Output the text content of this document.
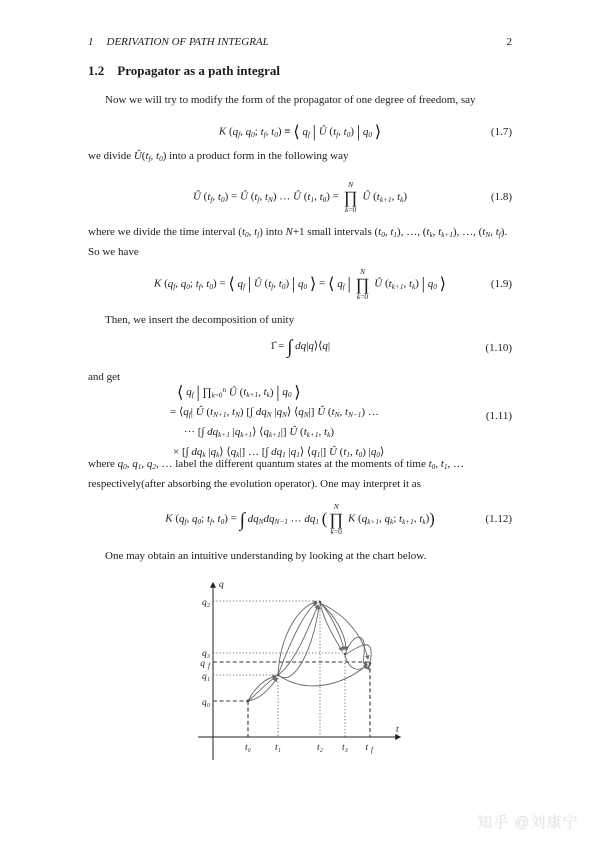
1 DERIVATION OF PATH INTEGRAL	2
1.2 Propagator as a path integral
Now we will try to modify the form of the propagator of one degree of freedom, say
K ($q_f$, $q_0$; $t_f$, $t_0$) ≡ ⟨ $q_f$ | Û ($t_f$, $t_0$) | $q_0$ ⟩	(1.7)
we divide $Û(t_f$, $t_0$) into a product form in the following way
Û ($t_f$, $t_0$) = Û ($t_f$, $t_N$) … Û ($t_1$, $t_0$) =
N
∏
k=0
Û ($t_{k+1}$, $t_k$)	(1.8)
where we divide the time interval ($t_0$, $t_f$) into N+1 small intervals ($t_0$, $t_1$), …, ($t_k$, $t_{k+1}$), …, ($t_N$, $t_f$).
So we have
K ($q_f$, $q_0$; $t_f$, $t_0$) = ⟨ $q_f$ | Û ($t_f$, $t_0$) | $q_0$ ⟩ = ⟨ $q_f$ |
N
∏
k=0
Û ($t_{k+1}$, $t_k$) | $q_0$ ⟩	(1.9)
Then, we insert the decomposition of unity
1̂ = ∫ dq|q⟩⟨q|	(1.10)
and get
⟨ $q_f$ | $\prod_{k=0}^n$ Û ($t_{k+1}$, $t_k$) | $q_0$ ⟩
= $⟨q_f|$ Û ($t_{N+1}$, $t_N$) [∫ $dq_N$ $|q_N⟩$ $⟨q_N|$] Û ($t_N$, $t_{N-1}$) …
··· [∫ $dq_{k+1}$ $|q_{k+1}⟩$ $⟨q_{k+1}|$] Û ($t_{k+1}$, $t_k$)
× [∫ $dq_k$ $|q_k⟩$ $⟨q_k|$] … [∫ $dq_1$ $|q_1⟩$ $⟨q_1|$] Û ($t_1$, $t_0$) $|q_0⟩$
(1.11)
where $q_0$, $q_1$, $q_2$, … label the different quantum states at the moments of time $t_0$, $t_1$, …
respectively(after absorbing the evolution operator). One may interpret it as
K ($q_f$, $q_0$; $t_f$, $t_0$) = ∫ $dq_Ndq_{N-1}$ … $dq_1$ (
N
∏
k=0
K ($q_{k+1}$, $q_k$; $t_{k+1}$, $t_k$))	(1.12)
One may obtain an intuitive understanding by looking at the chart below.
q
t
q₂
q₃
q f
q₁
q₀
t₀	t₁	t₂ t₃ t f
知乎 @刘康宁
